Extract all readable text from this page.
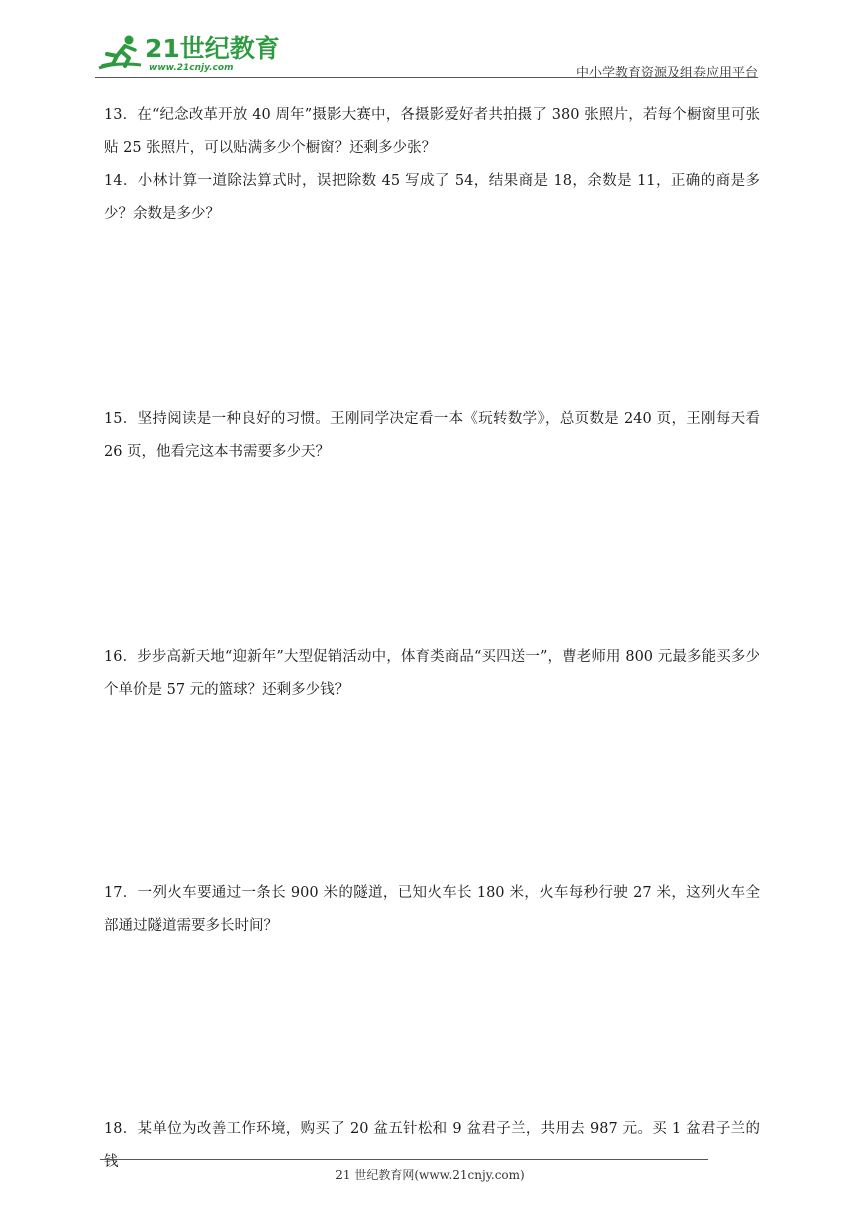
21世纪教育
www.21cnjy.com	中小学教育资源及组卷应用平台

13．在“纪念改革开放 40 周年”摄影大赛中，各摄影爱好者共拍摄了 380 张照片，若每个橱窗里可张贴 25 张照片，可以贴满多少个橱窗？还剩多少张？

14．小林计算一道除法算式时，误把除数 45 写成了 54，结果商是 18，余数是 11，正确的商是多少？余数是多少？

15．坚持阅读是一种良好的习惯。王刚同学决定看一本《玩转数学》，总页数是 240 页，王刚每天看 26 页，他看完这本书需要多少天？

16．步步高新天地“迎新年”大型促销活动中，体育类商品“买四送一”，曹老师用 800 元最多能买多少个单价是 57 元的篮球？还剩多少钱？

17．一列火车要通过一条长 900 米的隧道，已知火车长 180 米，火车每秒行驶 27 米，这列火车全部通过隧道需要多长时间？

18．某单位为改善工作环境，购买了 20 盆五针松和 9 盆君子兰，共用去 987 元。买 1 盆君子兰的钱

21 世纪教育网(www.21cnjy.com)
